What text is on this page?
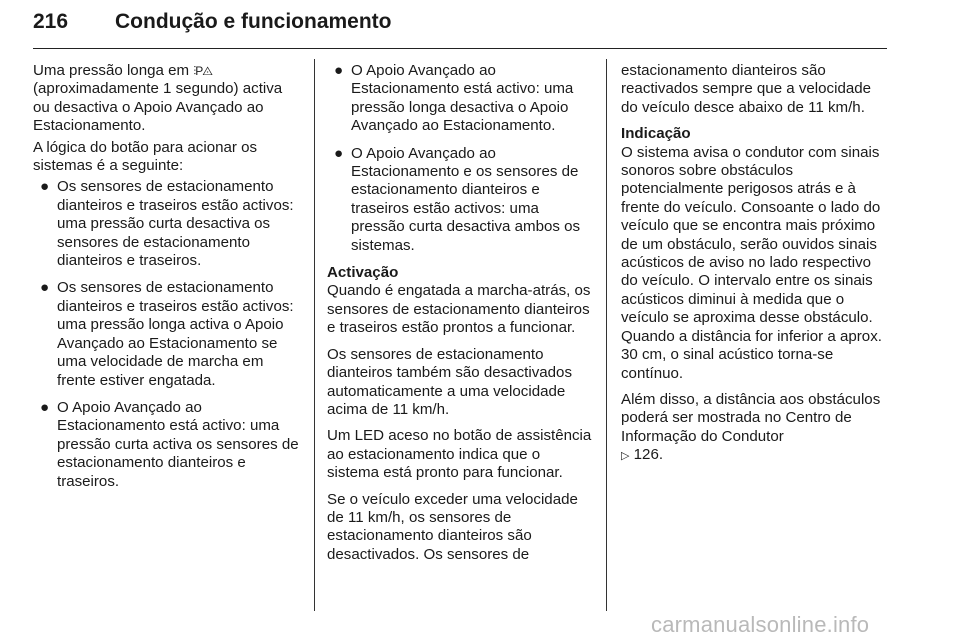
216 Condução e funcionamento

Uma pressão longa em ⫶P◬
(aproximadamente 1 segundo) activa ou desactiva o Apoio Avançado ao Estacionamento.

A lógica do botão para acionar os sistemas é a seguinte:

● Os sensores de estacionamento dianteiros e traseiros estão activos: uma pressão curta desactiva os sensores de estacionamento dianteiros e traseiros.
● Os sensores de estacionamento dianteiros e traseiros estão activos: uma pressão longa activa o Apoio Avançado ao Estacionamento se uma velocidade de marcha em frente estiver engatada.
● O Apoio Avançado ao Estacionamento está activo: uma pressão curta activa os sensores de estacionamento dianteiros e traseiros.
● O Apoio Avançado ao Estacionamento está activo: uma pressão longa desactiva o Apoio Avançado ao Estacionamento.
● O Apoio Avançado ao Estacionamento e os sensores de estacionamento dianteiros e traseiros estão activos: uma pressão curta desactiva ambos os sistemas.

Activação

Quando é engatada a marcha-atrás, os sensores de estacionamento dianteiros e traseiros estão prontos a funcionar.

Os sensores de estacionamento dianteiros também são desactivados automaticamente a uma velocidade acima de 11 km/h.

Um LED aceso no botão de assistência ao estacionamento indica que o sistema está pronto para funcionar.

Se o veículo exceder uma velocidade de 11 km/h, os sensores de estacionamento dianteiros são desactivados. Os sensores de

estacionamento dianteiros são reactivados sempre que a velocidade do veículo desce abaixo de 11 km/h.

Indicação

O sistema avisa o condutor com sinais sonoros sobre obstáculos potencialmente perigosos atrás e à frente do veículo. Consoante o lado do veículo que se encontra mais próximo de um obstáculo, serão ouvidos sinais acústicos de aviso no lado respectivo do veículo. O intervalo entre os sinais acústicos diminui à medida que o veículo se aproxima desse obstáculo. Quando a distância for inferior a aprox. 30 cm, o sinal acústico torna-se contínuo.

Além disso, a distância aos obstáculos poderá ser mostrada no Centro de Informação do Condutor
▷ 126.

carmanualsonline.info
